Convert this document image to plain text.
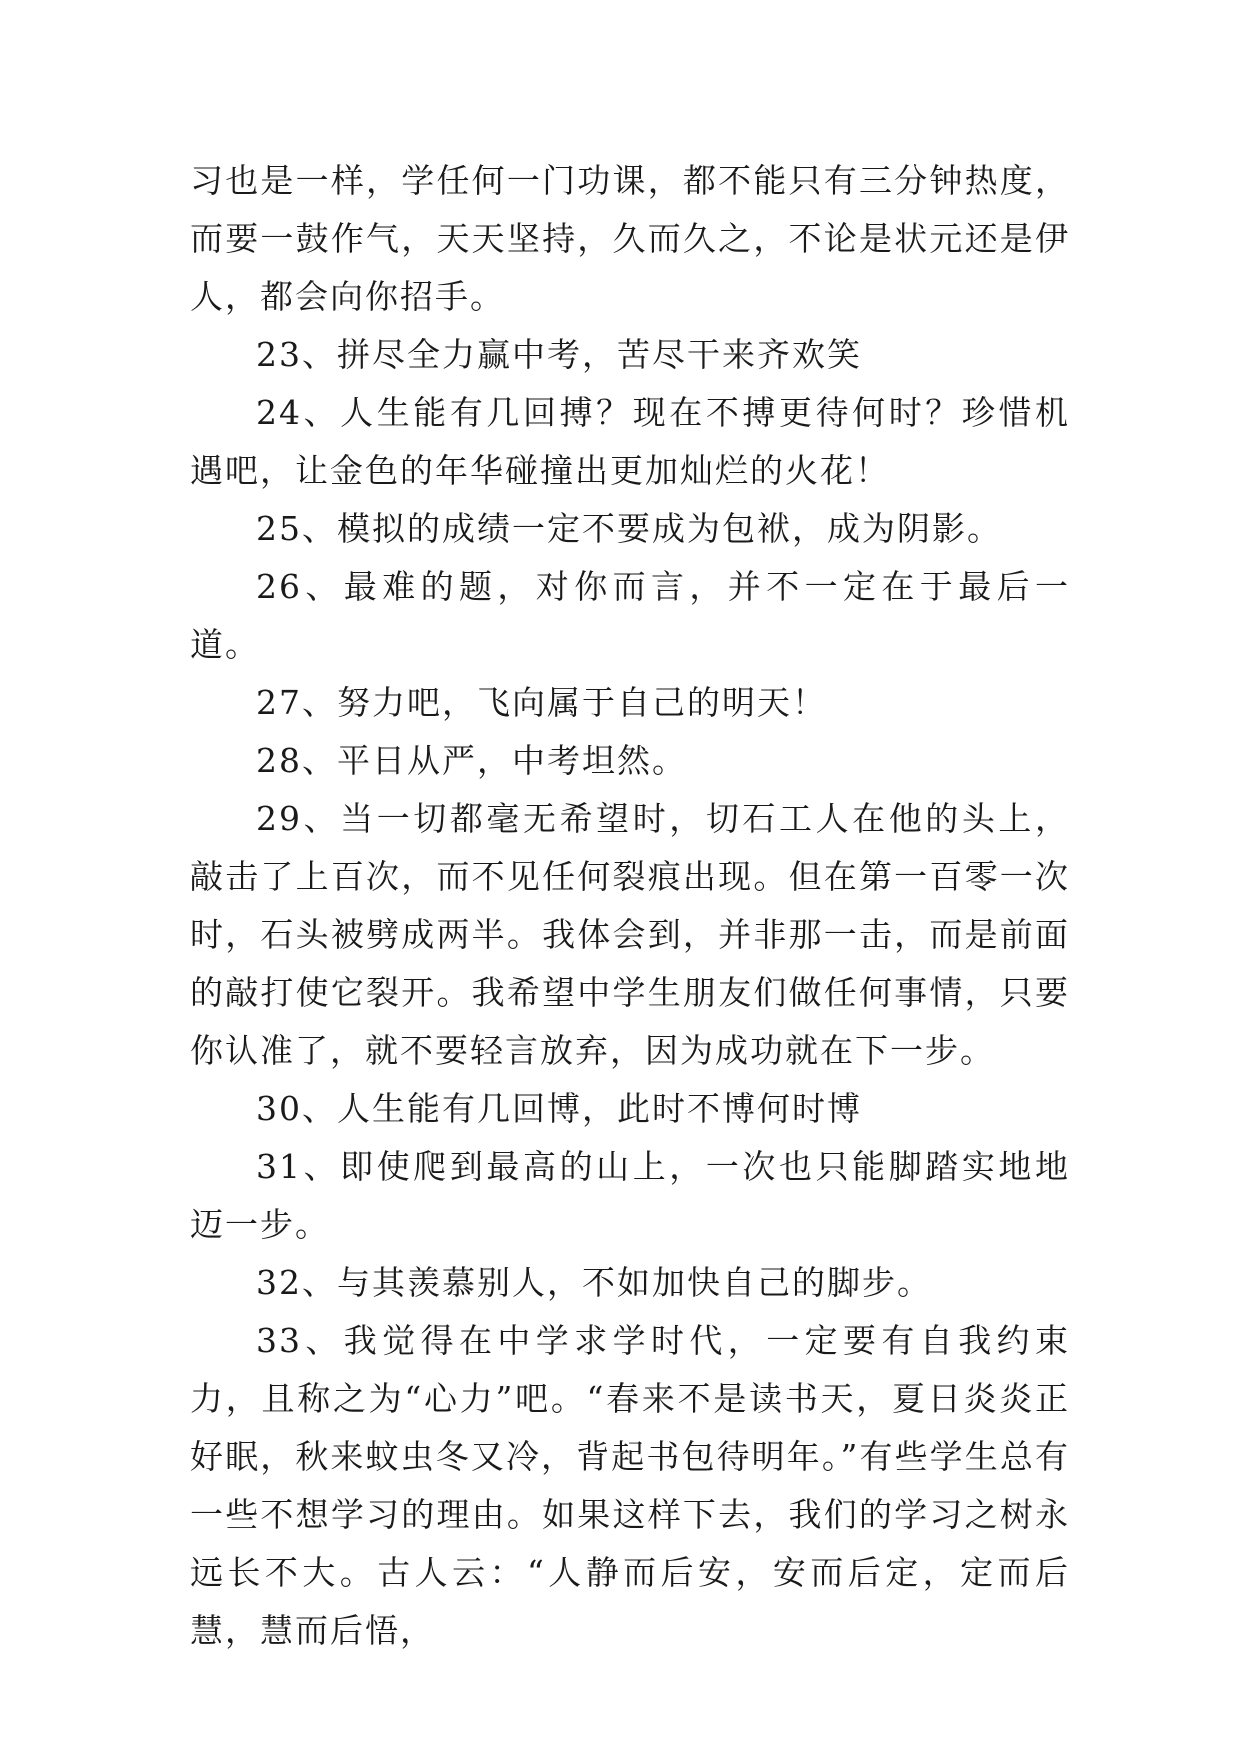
习也是一样，学任何一门功课，都不能只有三分钟热度，而要一鼓作气，天天坚持，久而久之，不论是状元还是伊人，都会向你招手。

23、拼尽全力赢中考，苦尽干来齐欢笑

24、人生能有几回搏？现在不搏更待何时？珍惜机遇吧，让金色的年华碰撞出更加灿烂的火花！

25、模拟的成绩一定不要成为包袱，成为阴影。

26、最难的题，对你而言，并不一定在于最后一道。

27、努力吧，飞向属于自己的明天！

28、平日从严，中考坦然。

29、当一切都毫无希望时，切石工人在他的头上，敲击了上百次，而不见任何裂痕出现。但在第一百零一次时，石头被劈成两半。我体会到，并非那一击，而是前面的敲打使它裂开。我希望中学生朋友们做任何事情，只要你认准了，就不要轻言放弃，因为成功就在下一步。

30、人生能有几回博，此时不博何时博

31、即使爬到最高的山上，一次也只能脚踏实地地迈一步。

32、与其羡慕别人，不如加快自己的脚步。

33、我觉得在中学求学时代，一定要有自我约束力，且称之为“心力”吧。“春来不是读书天，夏日炎炎正好眠，秋来蚊虫冬又冷，背起书包待明年。”有些学生总有一些不想学习的理由。如果这样下去，我们的学习之树永远长不大。古人云：“人静而后安，安而后定，定而后慧，慧而后悟，
